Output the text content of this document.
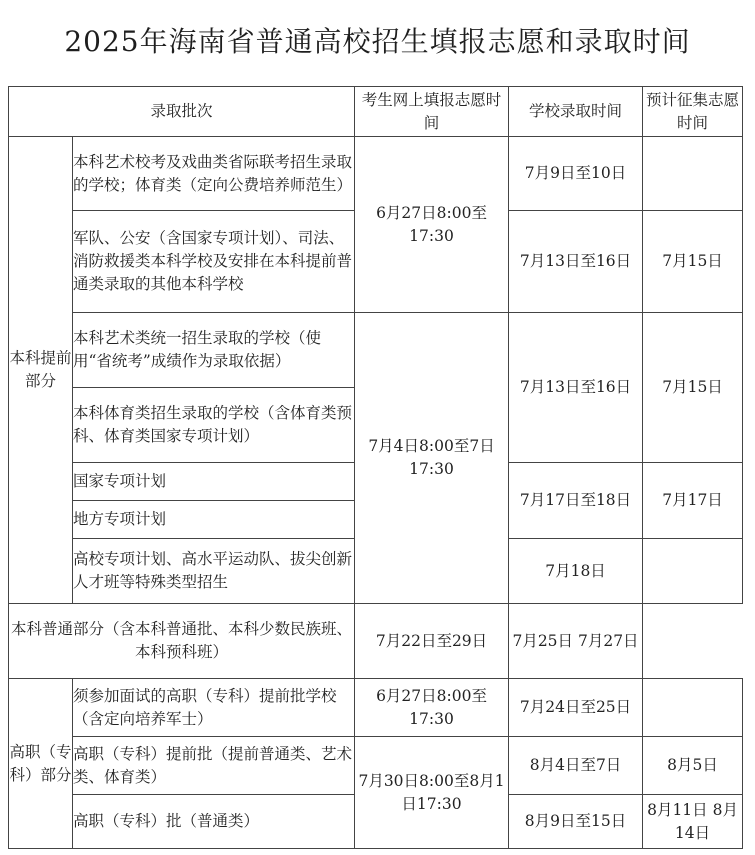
2025年海南省普通高校招生填报志愿和录取时间
录取批次		考生网上填报志愿时间	学校录取时间	预计征集志愿时间
本科提前部分	本科艺术校考及戏曲类省际联考招生录取的学校；体育类（定向公费培养师范生）	6月27日8:00至17:30	7月9日至10日	
	军队、公安（含国家专项计划）、司法、消防救援类本科学校及安排在本科提前普通类录取的其他本科学校		7月13日至16日	7月15日
	本科艺术类统一招生录取的学校（使用“省统考”成绩作为录取依据）	7月4日8:00至7日17:30	7月13日至16日	7月15日
	本科体育类招生录取的学校（含体育类预科、体育类国家专项计划）			
	国家专项计划		7月17日至18日	7月17日
	地方专项计划			
	高校专项计划、高水平运动队、拔尖创新人才班等特殊类型招生		7月18日	
本科普通部分（含本科普通批、本科少数民族班、本科预科班）		7月22日至29日	7月25日 7月27日	
高职（专科）部分	须参加面试的高职（专科）提前批学校（含定向培养军士）	6月27日8:00至17:30	7月24日至25日	
	高职（专科）提前批（提前普通类、艺术类、体育类）	7月30日8:00至8月1日17:30	8月4日至7日	8月5日
	高职（专科）批（普通类）		8月9日至15日	8月11日 8月14日
